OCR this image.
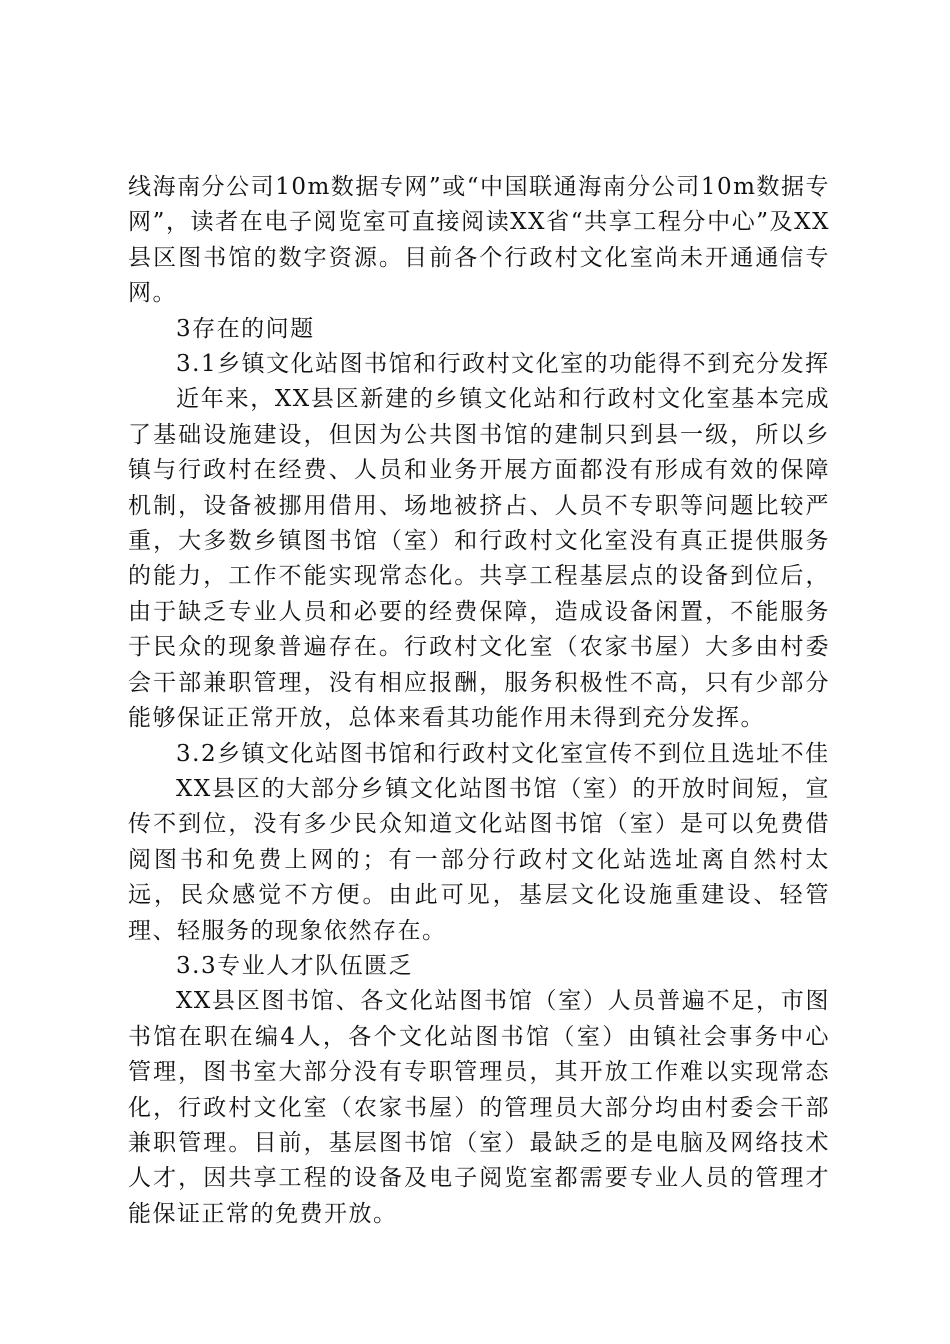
线海南分公司10m数据专网”或“中国联通海南分公司10m数据专网”，读者在电子阅览室可直接阅读XX省“共享工程分中心”及XX县区图书馆的数字资源。目前各个行政村文化室尚未开通通信专网。

3存在的问题

3.1乡镇文化站图书馆和行政村文化室的功能得不到充分发挥

近年来，XX县区新建的乡镇文化站和行政村文化室基本完成了基础设施建设，但因为公共图书馆的建制只到县一级，所以乡镇与行政村在经费、人员和业务开展方面都没有形成有效的保障机制，设备被挪用借用、场地被挤占、人员不专职等问题比较严重，大多数乡镇图书馆（室）和行政村文化室没有真正提供服务的能力，工作不能实现常态化。共享工程基层点的设备到位后，由于缺乏专业人员和必要的经费保障，造成设备闲置，不能服务于民众的现象普遍存在。行政村文化室（农家书屋）大多由村委会干部兼职管理，没有相应报酬，服务积极性不高，只有少部分能够保证正常开放，总体来看其功能作用未得到充分发挥。

3.2乡镇文化站图书馆和行政村文化室宣传不到位且选址不佳

XX县区的大部分乡镇文化站图书馆（室）的开放时间短，宣传不到位，没有多少民众知道文化站图书馆（室）是可以免费借阅图书和免费上网的；有一部分行政村文化站选址离自然村太远，民众感觉不方便。由此可见，基层文化设施重建设、轻管理、轻服务的现象依然存在。

3.3专业人才队伍匮乏

XX县区图书馆、各文化站图书馆（室）人员普遍不足，市图书馆在职在编4人，各个文化站图书馆（室）由镇社会事务中心管理，图书室大部分没有专职管理员，其开放工作难以实现常态化，行政村文化室（农家书屋）的管理员大部分均由村委会干部兼职管理。目前，基层图书馆（室）最缺乏的是电脑及网络技术人才，因共享工程的设备及电子阅览室都需要专业人员的管理才能保证正常的免费开放。
